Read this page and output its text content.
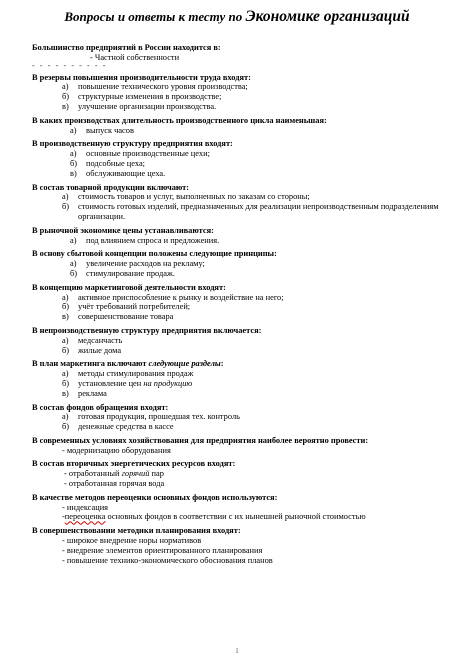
Вопросы и ответы к тесту по Экономике организаций
Большинство предприятий в России находится в:
- Частной собственности
- - - - - - - - - -
В резервы повышения производительности труда входят:
а) повышение технического уровня производства;
б) структурные изменения в производстве;
в) улучшение организации производства.
В каких производствах длительность производственного цикла наименьшая:
а) выпуск часов
В производственную структуру предприятия входят:
а) основные производственные цехи;
б) подсобные цеха;
в) обслуживающие цеха.
В состав товарной продукции включают:
а) стоимость товаров и услуг, выполненных по заказам со стороны;
б) стоимость готовых изделий, предназначенных для реализации непроизводственным подразделениям организации.
В рыночной экономике цены устанавливаются:
а) под влиянием спроса и предложения.
В основу сбытовой концепции положены следующие принципы:
а) увеличение расходов на рекламу;
б) стимулирование продаж.
В концепцию маркетинговой деятельности входят:
а) активное приспособление к рынку и воздействие на него;
б) учёт требований потребителей;
в) совершенствование товара
В непроизводственную структуру предприятия включается:
а) медсанчасть
б) жилые дома
В план маркетинга включают следующие разделы:
а) методы стимулирования продаж
б) установление цен на продукцию
в) реклама
В состав фондов обращения входят:
а) готовая продукция, прошедшая тех. контроль
б) денежные средства в кассе
В современных условиях хозяйствования для предприятия наиболее вероятно провести:
- модернизацию оборудования
В состав вторичных энергетических ресурсов входят:
- отработанный горячий пар
- отработанная горячая вода
В качестве методов переоценки основных фондов используются:
- индексация
-переоценка основных фондов в соответствии с их нынешней рыночной стоимостью
В совершенствовании методики планирования входят:
- широкое внедрение норы нормативов
- внедрение элементов ориентированного планирования
- повышение технико-экономического обоснования планов
1
